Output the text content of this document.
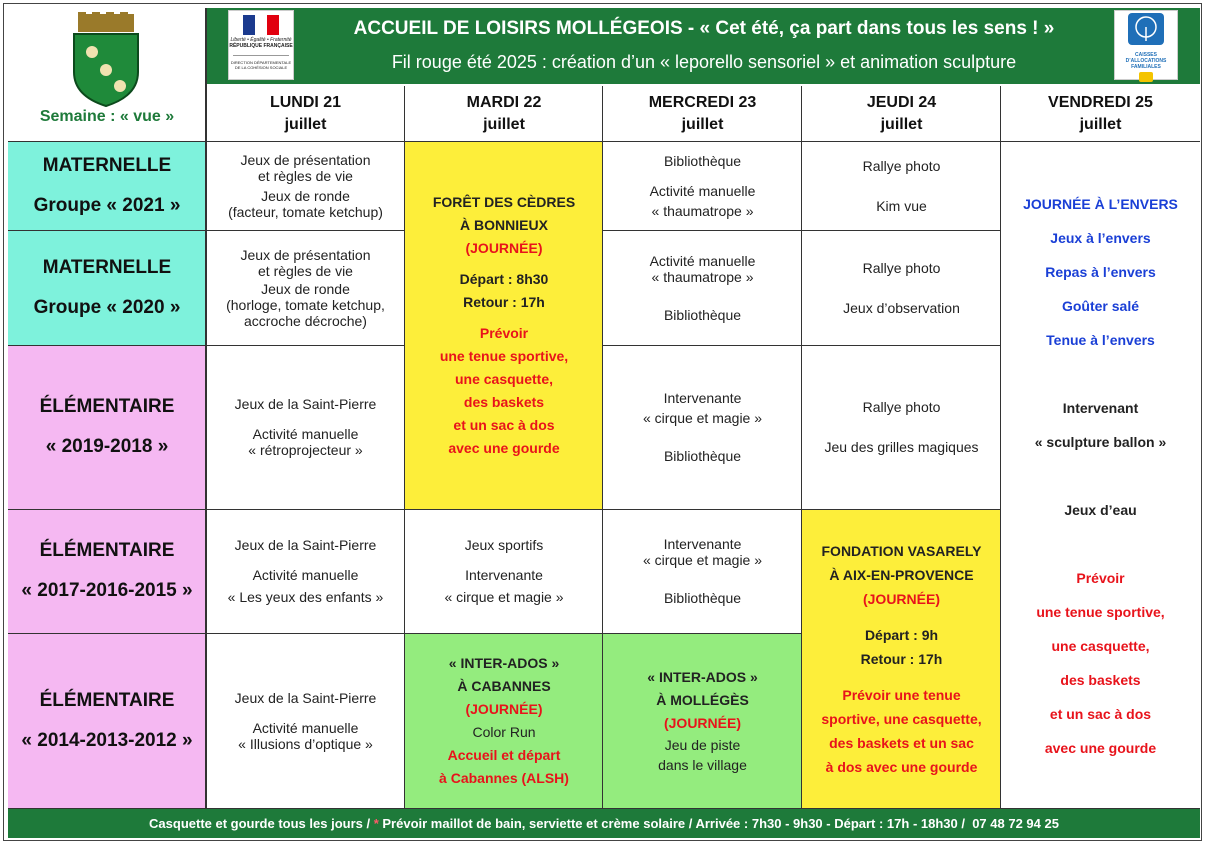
Semaine : « vue »
Liberté • Égalité • Fraternité
RÉPUBLIQUE FRANÇAISE
DIRECTION DÉPARTEMENTALE
DE LA COHÉSION SOCIALE
ACCUEIL DE LOISIRS MOLLÉGEOIS - « Cet été, ça part dans tous les sens ! »
Fil rouge été 2025 : création d’un « leporello sensoriel » et animation sculpture	CAISSES D’ALLOCATIONS
FAMILIALES
LUNDI 21
juillet
MARDI 22
juillet
MERCREDI 23
juillet
JEUDI 24
juillet
VENDREDI 25
juillet
MATERNELLE
Groupe « 2021 »
MATERNELLE
Groupe « 2020 »
ÉLÉMENTAIRE
« 2019-2018 »
ÉLÉMENTAIRE
« 2017-2016-2015 »
ÉLÉMENTAIRE
« 2014-2013-2012 »
Jeux de présentation
et règles de vie
Jeux de ronde
(facteur, tomate ketchup)
Jeux de présentation
et règles de vie
Jeux de ronde
(horloge, tomate ketchup,
accroche décroche)
Jeux de la Saint-Pierre
Activité manuelle
« rétroprojecteur »
Jeux de la Saint-Pierre
Activité manuelle
« Les yeux des enfants »
Jeux de la Saint-Pierre
Activité manuelle
« Illusions d’optique »
FORÊT DES CÈDRES
À BONNIEUX
(JOURNÉE)
Départ : 8h30
Retour : 17h
Prévoir
une tenue sportive,
une casquette,
des baskets
et un sac à dos
avec une gourde
Jeux sportifs
Intervenante
« cirque et magie »
« INTER-ADOS »
À CABANNES
(JOURNÉE)
Color Run
Accueil et départ
à Cabannes (ALSH)
Bibliothèque
Activité manuelle
« thaumatrope »
Activité manuelle
« thaumatrope »
Bibliothèque
Intervenante
« cirque et magie »
Bibliothèque
Intervenante
« cirque et magie »
Bibliothèque
« INTER-ADOS »
À MOLLÉGÈS
(JOURNÉE)
Jeu de piste
dans le village
Rallye photo
Kim vue
Rallye photo
Jeux d’observation
Rallye photo
Jeu des grilles magiques
FONDATION VASARELY
À AIX-EN-PROVENCE
(JOURNÉE)
Départ : 9h
Retour : 17h
Prévoir une tenue
sportive, une casquette,
des baskets et un sac
à dos avec une gourde
JOURNÉE À L’ENVERS
Jeux à l’envers
Repas à l’envers
Goûter salé
Tenue à l’envers
Intervenant
« sculpture ballon »
Jeux d’eau
Prévoir
une tenue sportive,
une casquette,
des baskets
et un sac à dos
avec une gourde
Casquette et gourde tous les jours / * Prévoir maillot de bain, serviette et crème solaire / Arrivée : 7h30 - 9h30 - Départ : 17h - 18h30 /  07 48 72 94 25
